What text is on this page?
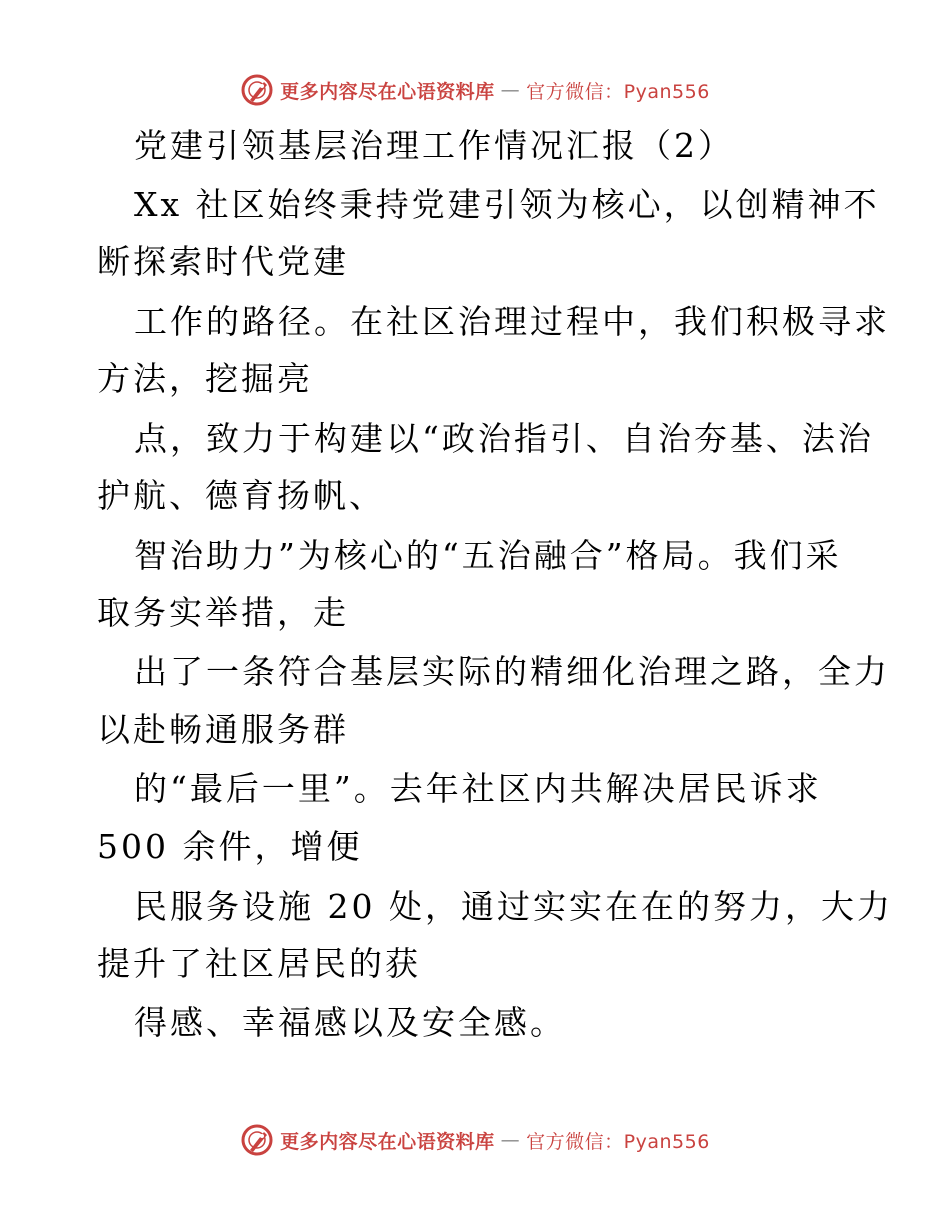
更多内容尽在心语资料库 — 官方微信：Pyan556
党建引领基层治理工作情况汇报（2）
Xx 社区始终秉持党建引领为核心，以创精神不
断探索时代党建
工作的路径。在社区治理过程中，我们积极寻求
方法，挖掘亮
点，致力于构建以“政治指引、自治夯基、法治
护航、德育扬帆、
智治助力”为核心的“五治融合”格局。我们采
取务实举措，走
出了一条符合基层实际的精细化治理之路，全力
以赴畅通服务群
的“最后一里”。去年社区内共解决居民诉求
500 余件，增便
民服务设施 20 处，通过实实在在的努力，大力
提升了社区居民的获
得感、幸福感以及安全感。
更多内容尽在心语资料库 — 官方微信：Pyan556
